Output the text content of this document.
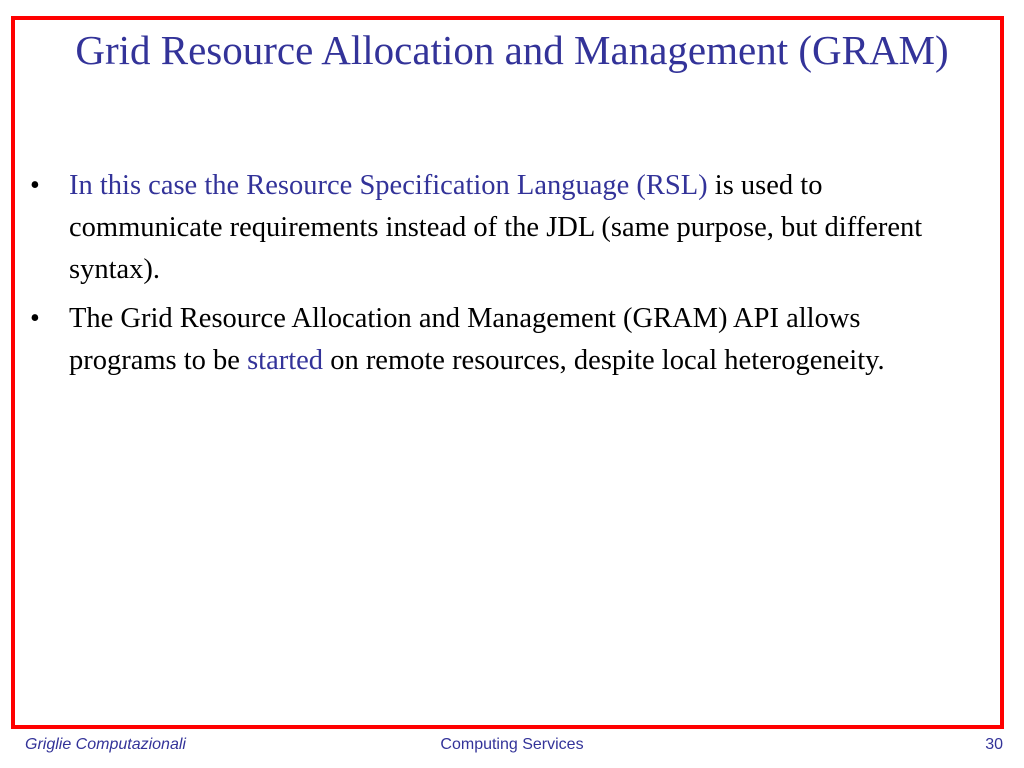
Grid Resource Allocation and Management (GRAM)
•	In this case the Resource Specification Language (RSL) is used to communicate requirements instead of the JDL (same purpose, but different syntax).
•	The Grid Resource Allocation and Management (GRAM) API allows programs to be started on remote resources, despite local heterogeneity.
Griglie Computazionali	Computing Services	30
